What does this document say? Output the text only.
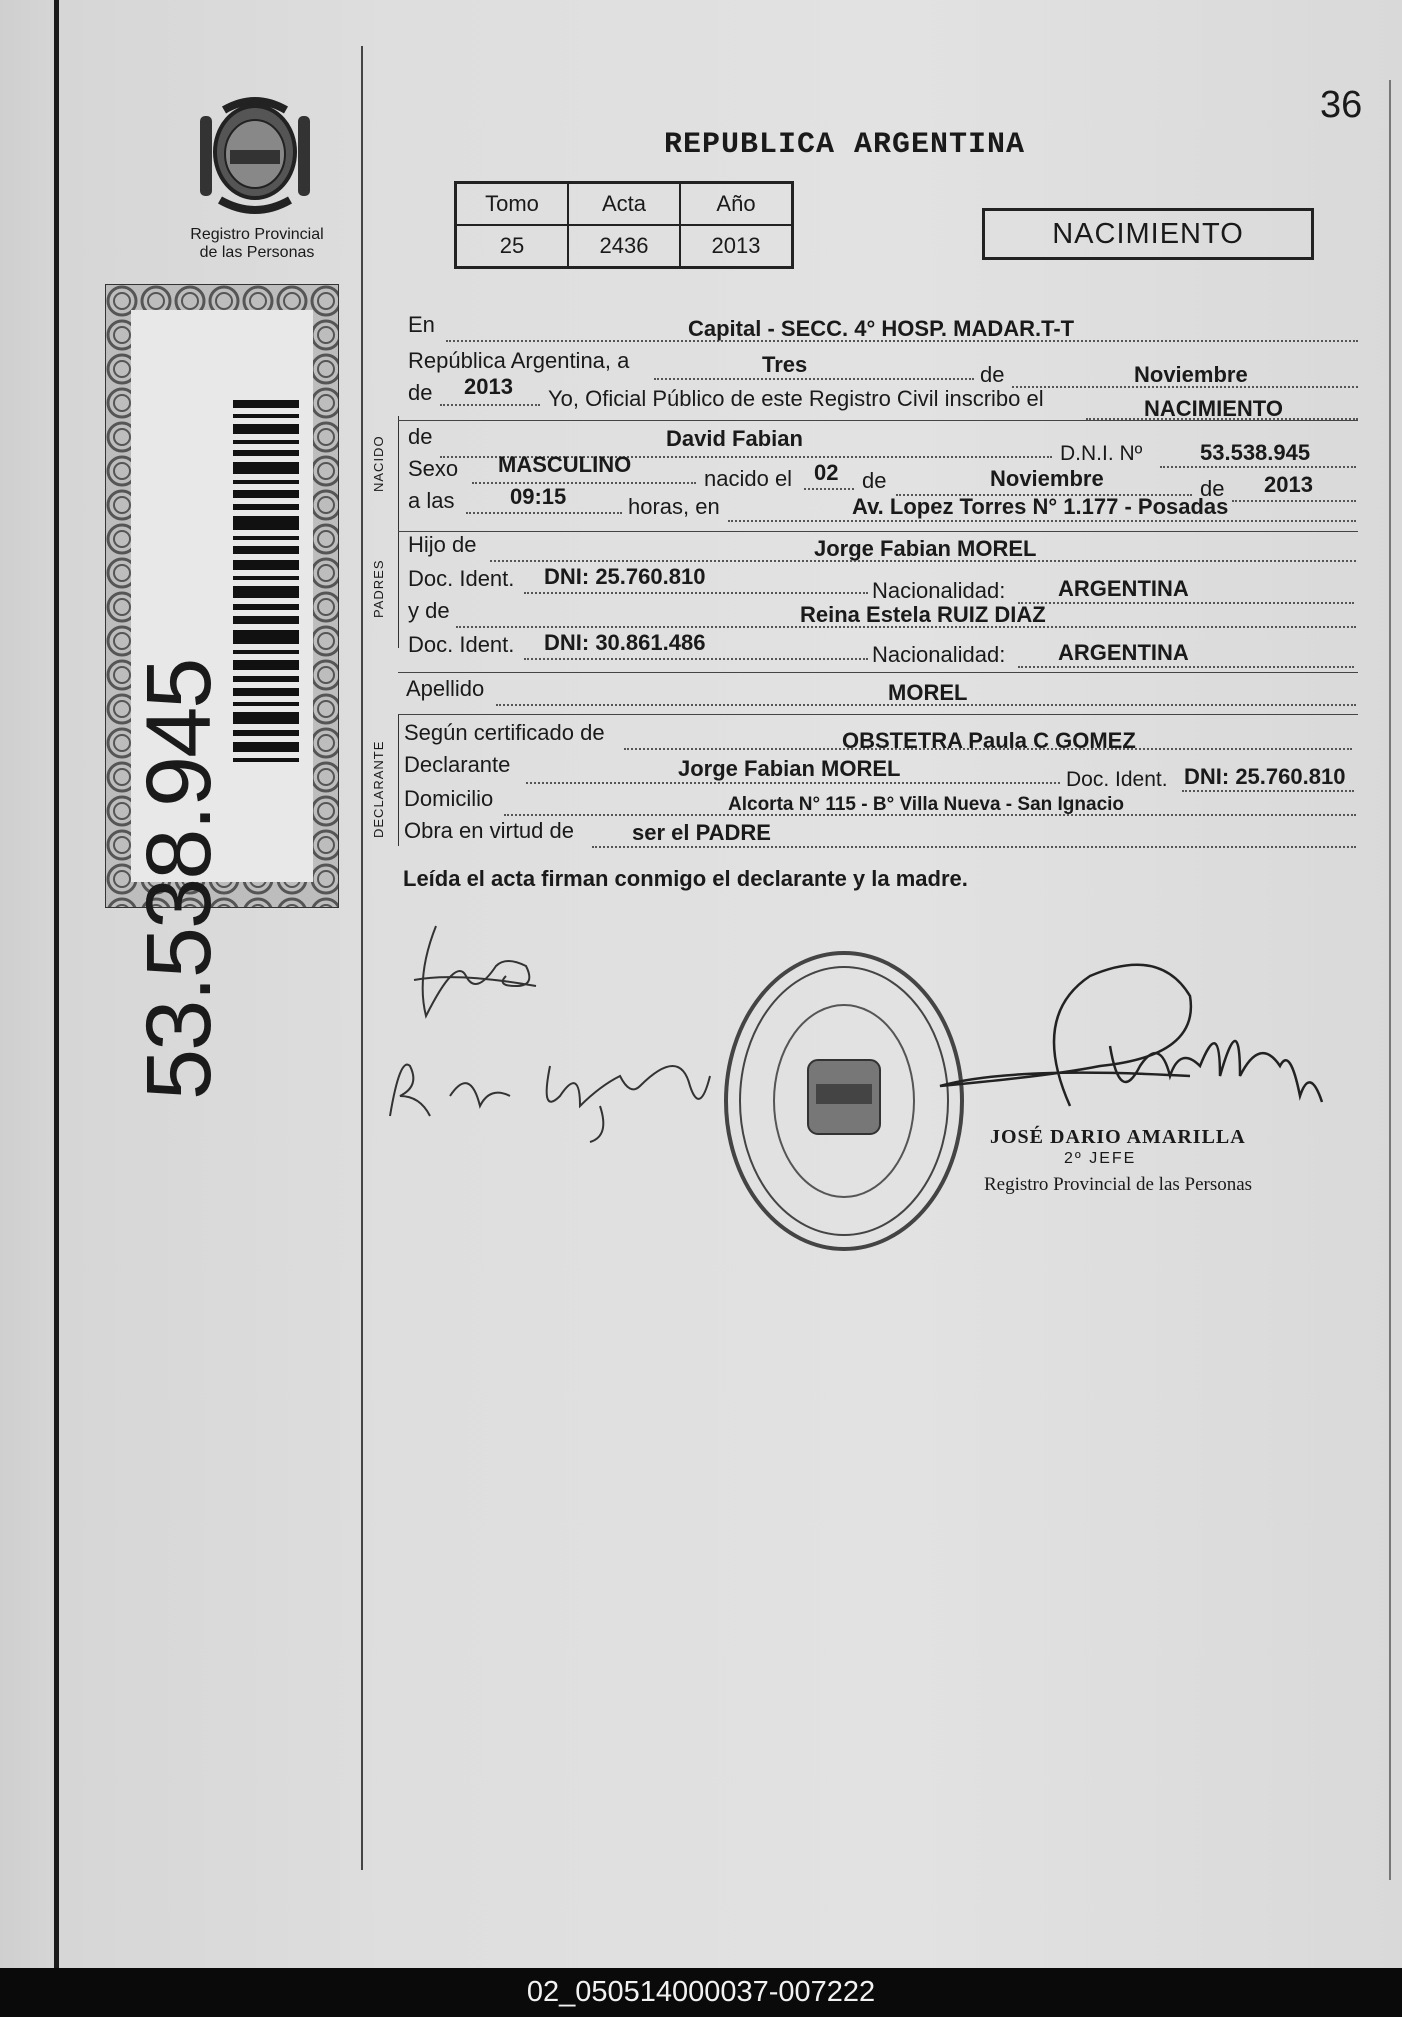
36
REPUBLICA ARGENTINA
Registro Provincial
de las Personas
53.538.945
Tomo	Acta	Año
25	2436	2013	NACIMIENTO
NACIDO
PADRES
DECLARANTE
En	Capital - SECC. 4° HOSP. MADAR.T-T
República Argentina, a	Tres	de	Noviembre
de 2013 Yo, Oficial Público de este Registro Civil inscribo el	NACIMIENTO
de	David Fabian
D.N.I. Nº	53.538.945
Sexo MASCULINO
nacido el 02 de	Noviembre	de 2013
a las	09:15	horas, en	Av. Lopez Torres N° 1.177 - Posadas
Hijo de	Jorge Fabian MOREL
Doc. Ident. DNI: 25.760.810
Nacionalidad: ARGENTINA
y de	Reina Estela RUIZ DIAZ
Doc. Ident. DNI: 30.861.486	Nacionalidad: ARGENTINA
Apellido	MOREL
Según certificado de	OBSTETRA Paula C GOMEZ
Declarante	Jorge Fabian MOREL	Doc. Ident. DNI: 25.760.810
Domicilio	Alcorta N° 115 - B° Villa Nueva - San Ignacio
Obra en virtud de	ser el PADRE
Leída el acta firman conmigo el declarante y la madre.
JOSÉ DARIO AMARILLA
2º JEFE
Registro Provincial de las Personas
02_050514000037-007222
